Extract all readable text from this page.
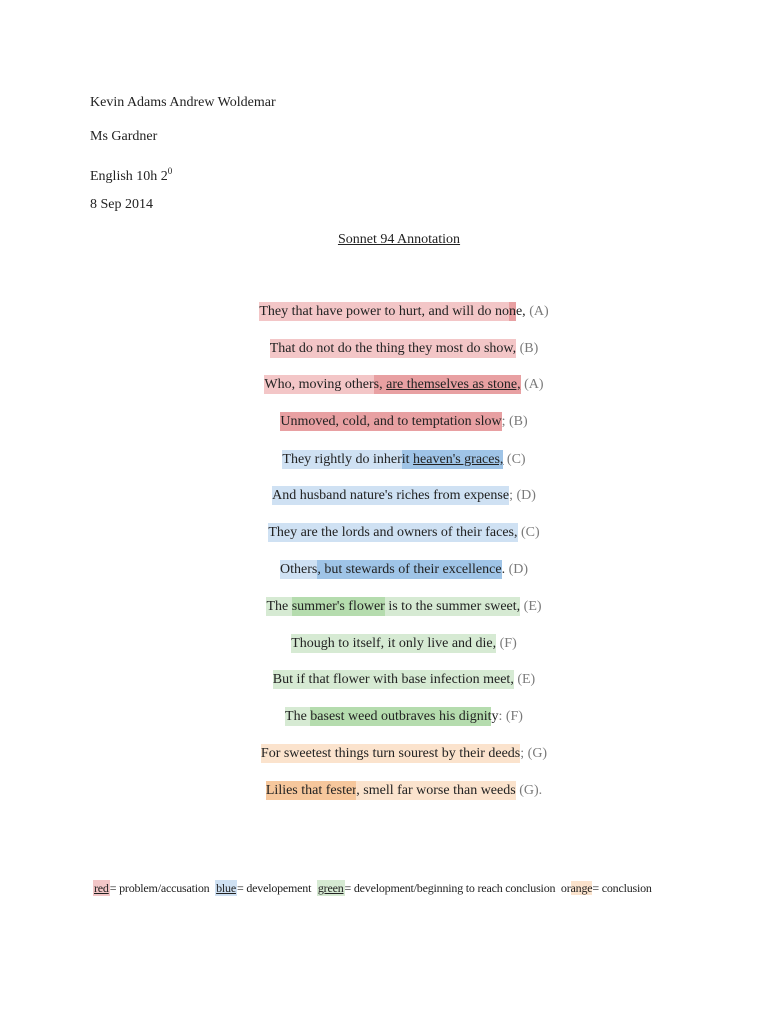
Kevin Adams Andrew Woldemar
Ms Gardner
English 10h $2^0$
8 Sep 2014
Sonnet 94 Annotation
They that have power to hurt, and will do none, (A)
That do not do the thing they most do show, (B)
Who, moving others, are themselves as stone, (A)
Unmoved, cold, and to temptation slow; (B)
They rightly do inherit heaven's graces, (C)
And husband nature's riches from expense; (D)
They are the lords and owners of their faces, (C)
Others, but stewards of their excellence. (D)
The summer's flower is to the summer sweet, (E)
Though to itself, it only live and die, (F)
But if that flower with base infection meet, (E)
The basest weed outbraves his dignity: (F)
For sweetest things turn sourest by their deeds; (G)
Lilies that fester, smell far worse than weeds (G).
red= problem/accusation blue= developement green= development/beginning to reach conclusion orange= conclusion
